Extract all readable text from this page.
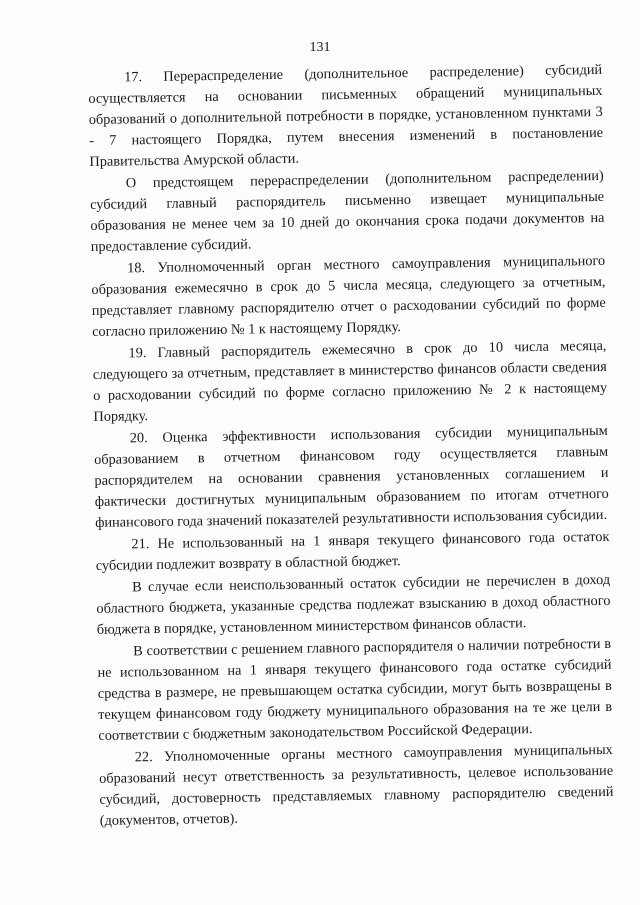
131

17. Перераспределение (дополнительное распределение) субсидий осуществляется на основании письменных обращений муниципальных образований о дополнительной потребности в порядке, установленном пунктами 3 - 7 настоящего Порядка, путем внесения изменений в постановление Правительства Амурской области.

О предстоящем перераспределении (дополнительном распределении) субсидий главный распорядитель письменно извещает муниципальные образования не менее чем за 10 дней до окончания срока подачи документов на предоставление субсидий.

18. Уполномоченный орган местного самоуправления муниципального образования ежемесячно в срок до 5 числа месяца, следующего за отчетным, представляет главному распорядителю отчет о расходовании субсидий по форме согласно приложению № 1 к настоящему Порядку.

19. Главный распорядитель ежемесячно в срок до 10 числа месяца, следующего за отчетным, представляет в министерство финансов области сведения о расходовании субсидий по форме согласно приложению № 2 к настоящему Порядку.

20. Оценка эффективности использования субсидии муниципальным образованием в отчетном финансовом году осуществляется главным распорядителем на основании сравнения установленных соглашением и фактически достигнутых муниципальным образованием по итогам отчетного финансового года значений показателей результативности использования субсидии.

21. Не использованный на 1 января текущего финансового года остаток субсидии подлежит возврату в областной бюджет.

В случае если неиспользованный остаток субсидии не перечислен в доход областного бюджета, указанные средства подлежат взысканию в доход областного бюджета в порядке, установленном министерством финансов области.

В соответствии с решением главного распорядителя о наличии потребности в не использованном на 1 января текущего финансового года остатке субсидий средства в размере, не превышающем остатка субсидии, могут быть возвращены в текущем финансовом году бюджету муниципального образования на те же цели в соответствии с бюджетным законодательством Российской Федерации.

22. Уполномоченные органы местного самоуправления муниципальных образований несут ответственность за результативность, целевое использование субсидий, достоверность представляемых главному распорядителю сведений (документов, отчетов).
